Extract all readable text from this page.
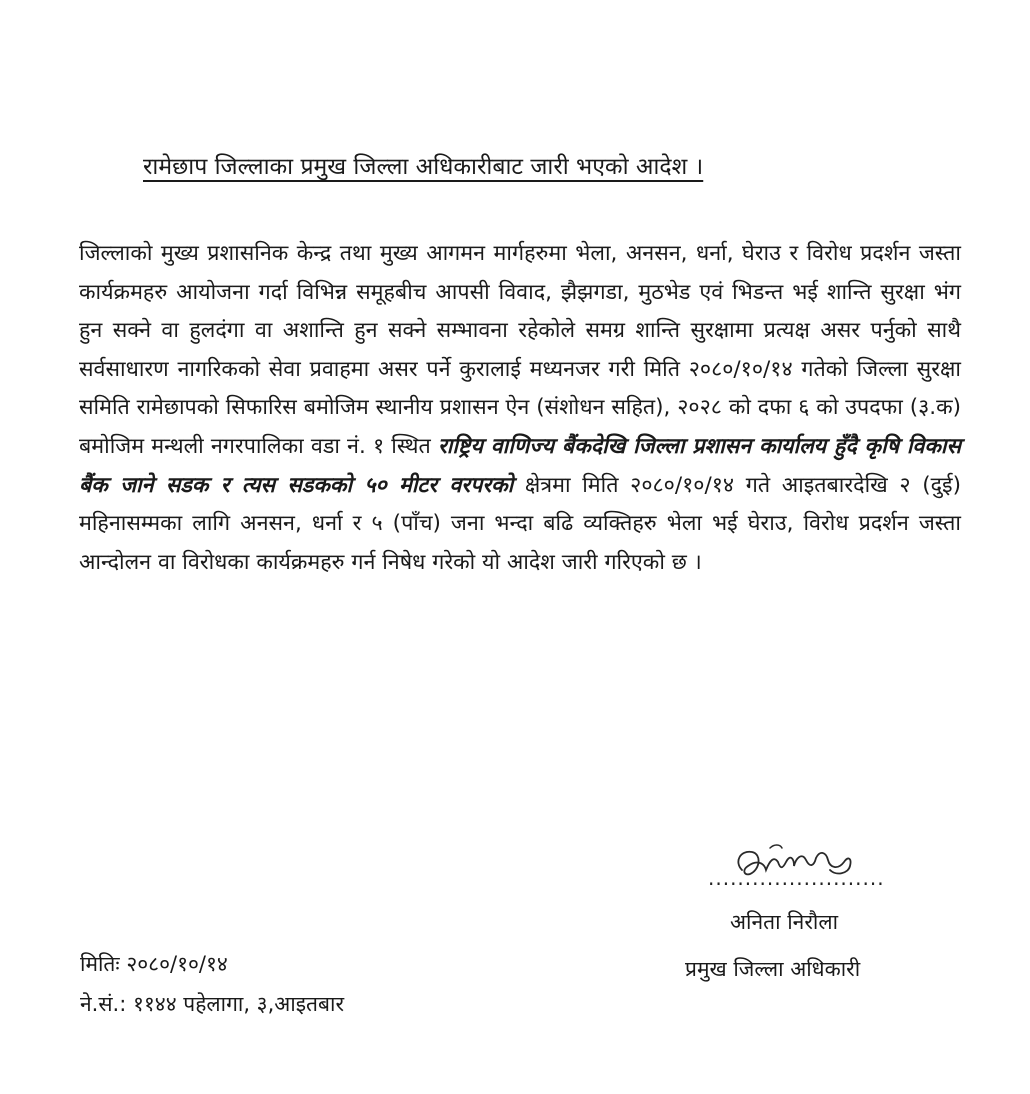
रामेछाप जिल्लाका प्रमुख जिल्ला अधिकारीबाट जारी भएको आदेश ।
जिल्लाको मुख्य प्रशासनिक केन्द्र तथा मुख्य आगमन मार्गहरुमा भेला, अनसन, धर्ना, घेराउ र विरोध प्रदर्शन जस्ता कार्यक्रमहरु आयोजना गर्दा विभिन्न समूहबीच आपसी विवाद, झैझगडा, मुठभेड एवं भिडन्त भई शान्ति सुरक्षा भंग हुन सक्ने वा हुलदंगा वा अशान्ति हुन सक्ने सम्भावना रहेकोले समग्र शान्ति सुरक्षामा प्रत्यक्ष असर पर्नुको साथै सर्वसाधारण नागरिकको सेवा प्रवाहमा असर पर्ने कुरालाई मध्यनजर गरी मिति २०८०/१०/१४ गतेको जिल्ला सुरक्षा समिति रामेछापको सिफारिस बमोजिम स्थानीय प्रशासन ऐन (संशोधन सहित), २०२८ को दफा ६ को उपदफा (३.क) बमोजिम मन्थली नगरपालिका वडा नं. १ स्थित राष्ट्रिय वाणिज्य बैंकदेखि जिल्ला प्रशासन कार्यालय हुँदै कृषि विकास बैंक जाने सडक र त्यस सडकको ५० मीटर वरपरको क्षेत्रमा मिति २०८०/१०/१४ गते आइतबारदेखि २ (दुई) महिनासम्मका लागि अनसन, धर्ना र ५ (पाँच) जना भन्दा बढि व्यक्तिहरु भेला भई घेराउ, विरोध प्रदर्शन जस्ता आन्दोलन वा विरोधका कार्यक्रमहरु गर्न निषेध गरेको यो आदेश जारी गरिएको छ ।
........................
अनिता निरौला
प्रमुख जिल्ला अधिकारी
मितिः २०८०/१०/१४
ने.सं.: ११४४ पहेलागा, ३,आइतबार
